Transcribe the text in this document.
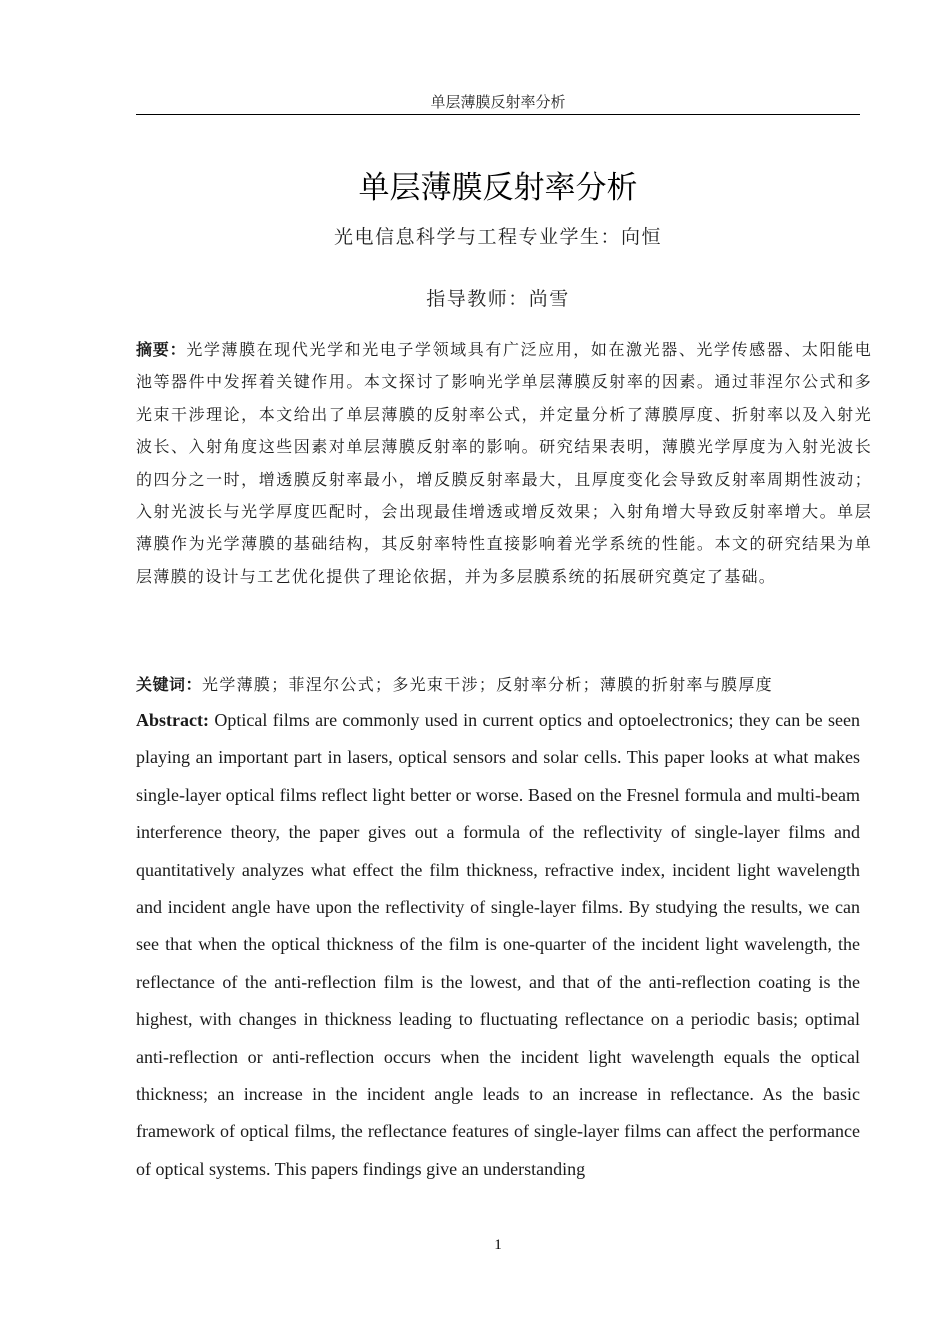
单层薄膜反射率分析
单层薄膜反射率分析
光电信息科学与工程专业学生：向恒
指导教师：尚雪

摘要：光学薄膜在现代光学和光电子学领域具有广泛应用，如在激光器、光学传感器、太阳能电池等器件中发挥着关键作用。本文探讨了影响光学单层薄膜反射率的因素。通过菲涅尔公式和多光束干涉理论，本文给出了单层薄膜的反射率公式，并定量分析了薄膜厚度、折射率以及入射光波长、入射角度这些因素对单层薄膜反射率的影响。研究结果表明，薄膜光学厚度为入射光波长的四分之一时，增透膜反射率最小，增反膜反射率最大，且厚度变化会导致反射率周期性波动；入射光波长与光学厚度匹配时，会出现最佳增透或增反效果；入射角增大导致反射率增大。单层薄膜作为光学薄膜的基础结构，其反射率特性直接影响着光学系统的性能。本文的研究结果为单层薄膜的设计与工艺优化提供了理论依据，并为多层膜系统的拓展研究奠定了基础。

关键词：光学薄膜；菲涅尔公式；多光束干涉；反射率分析；薄膜的折射率与膜厚度

Abstract: Optical films are commonly used in current optics and optoelectronics; they can be seen playing an important part in lasers, optical sensors and solar cells. This paper looks at what makes single-layer optical films reflect light better or worse. Based on the Fresnel formula and multi-beam interference theory, the paper gives out a formula of the reflectivity of single-layer films and quantitatively analyzes what effect the film thickness, refractive index, incident light wavelength and incident angle have upon the reflectivity of single-layer films. By studying the results, we can see that when the optical thickness of the film is one-quarter of the incident light wavelength, the reflectance of the anti-reflection film is the lowest, and that of the anti-reflection coating is the highest, with changes in thickness leading to fluctuating reflectance on a periodic basis; optimal anti-reflection or anti-reflection occurs when the incident light wavelength equals the optical thickness; an increase in the incident angle leads to an increase in reflectance. As the basic framework of optical films, the reflectance features of single-layer films can affect the performance of optical systems. This papers findings give an understanding

1
